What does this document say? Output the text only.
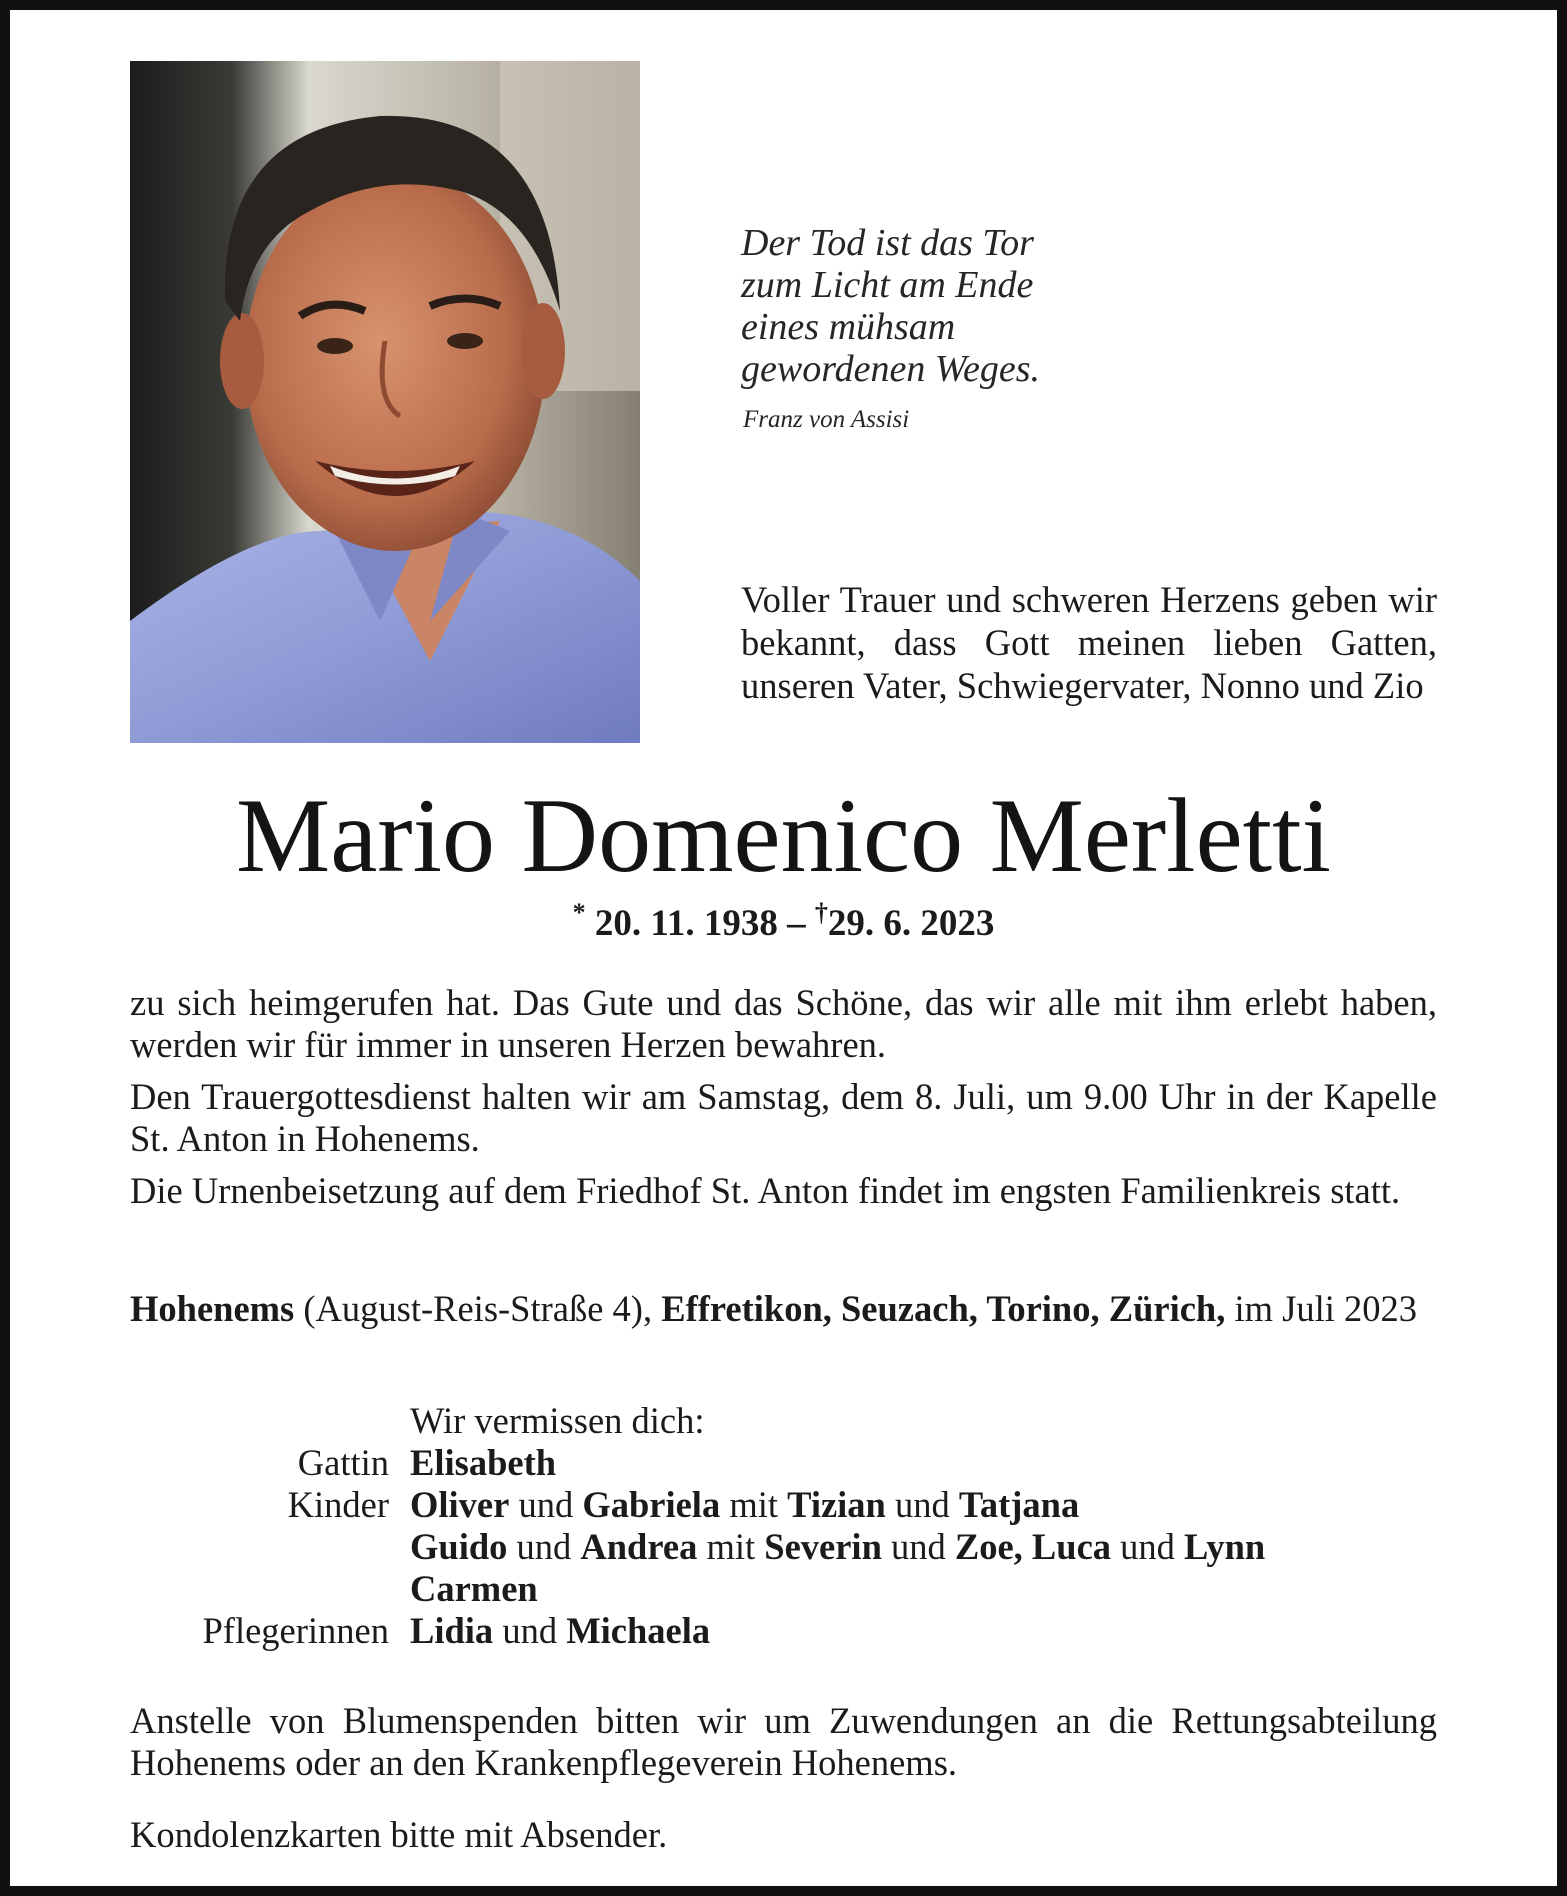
Der Tod ist das Tor
zum Licht am Ende
eines mühsam
gewordenen Weges.
Franz von Assisi
Voller Trauer und schweren Herzens geben wir bekannt, dass Gott meinen lieben Gatten, unseren Vater, Schwiegervater, Nonno und Zio
Mario Domenico Merletti
* 20. 11. 1938 – †29. 6. 2023
zu sich heimgerufen hat. Das Gute und das Schöne, das wir alle mit ihm erlebt haben, werden wir für immer in unseren Herzen bewahren.
Den Trauergottesdienst halten wir am Samstag, dem 8. Juli, um 9.00 Uhr in der Kapelle St. Anton in Hohenems.
Die Urnenbeisetzung auf dem Friedhof St. Anton findet im engsten Familienkreis statt.
Hohenems (August-Reis-Straße 4), Effretikon, Seuzach, Torino, Zürich, im Juli 2023
Wir vermissen dich:
Gattin Elisabeth
Kinder Oliver und Gabriela mit Tizian und Tatjana
Guido und Andrea mit Severin und Zoe, Luca und Lynn
Carmen
Pflegerinnen Lidia und Michaela
Anstelle von Blumenspenden bitten wir um Zuwendungen an die Rettungsabteilung Hohenems oder an den Krankenpflegeverein Hohenems.
Kondolenzkarten bitte mit Absender.
